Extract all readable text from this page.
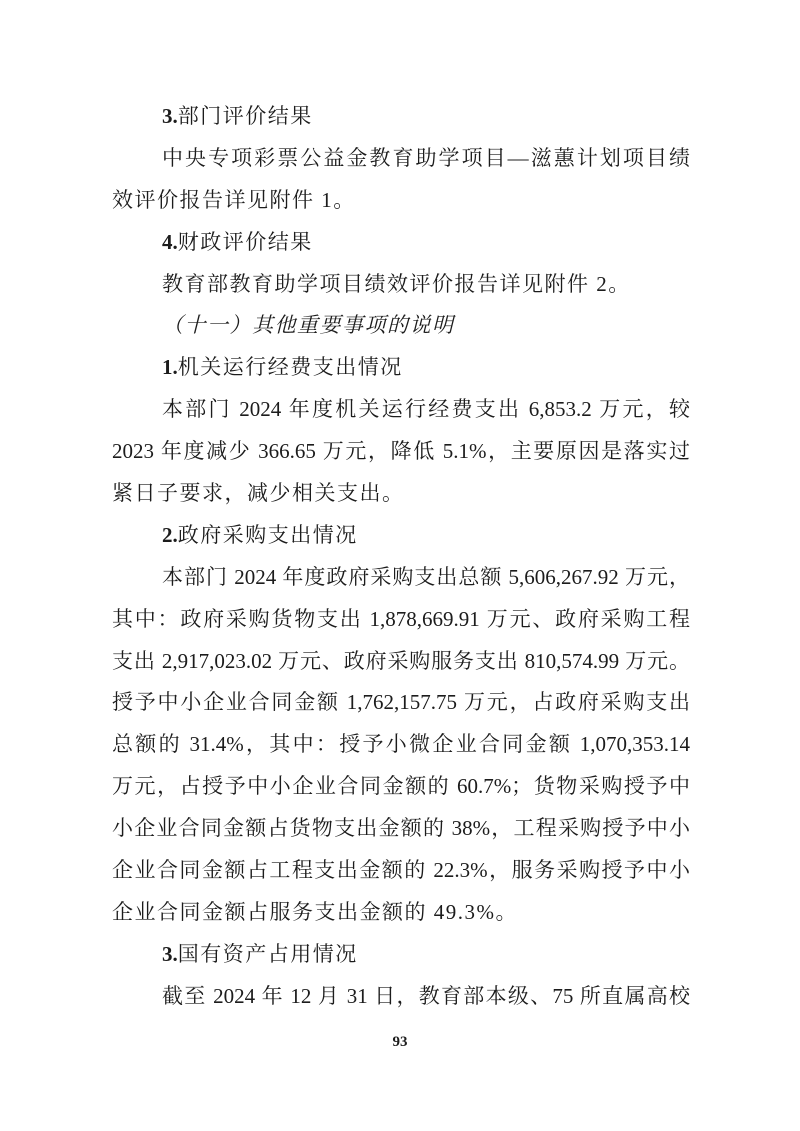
3.部门评价结果
中央专项彩票公益金教育助学项目—滋蕙计划项目绩
效评价报告详见附件 1。
4.财政评价结果
教育部教育助学项目绩效评价报告详见附件 2。
（十一）其他重要事项的说明
1.机关运行经费支出情况
本部门 2024 年度机关运行经费支出 6,853.2 万元，较
2023 年度减少 366.65 万元，降低 5.1%，主要原因是落实过
紧日子要求，减少相关支出。
2.政府采购支出情况
本部门 2024 年度政府采购支出总额 5,606,267.92 万元，
其中：政府采购货物支出 1,878,669.91 万元、政府采购工程
支出 2,917,023.02 万元、政府采购服务支出 810,574.99 万元。
授予中小企业合同金额 1,762,157.75 万元，占政府采购支出
总额的 31.4%，其中：授予小微企业合同金额 1,070,353.14
万元，占授予中小企业合同金额的 60.7%；货物采购授予中
小企业合同金额占货物支出金额的 38%，工程采购授予中小
企业合同金额占工程支出金额的 22.3%，服务采购授予中小
企业合同金额占服务支出金额的 49.3%。
3.国有资产占用情况
截至 2024 年 12 月 31 日，教育部本级、75 所直属高校
93
